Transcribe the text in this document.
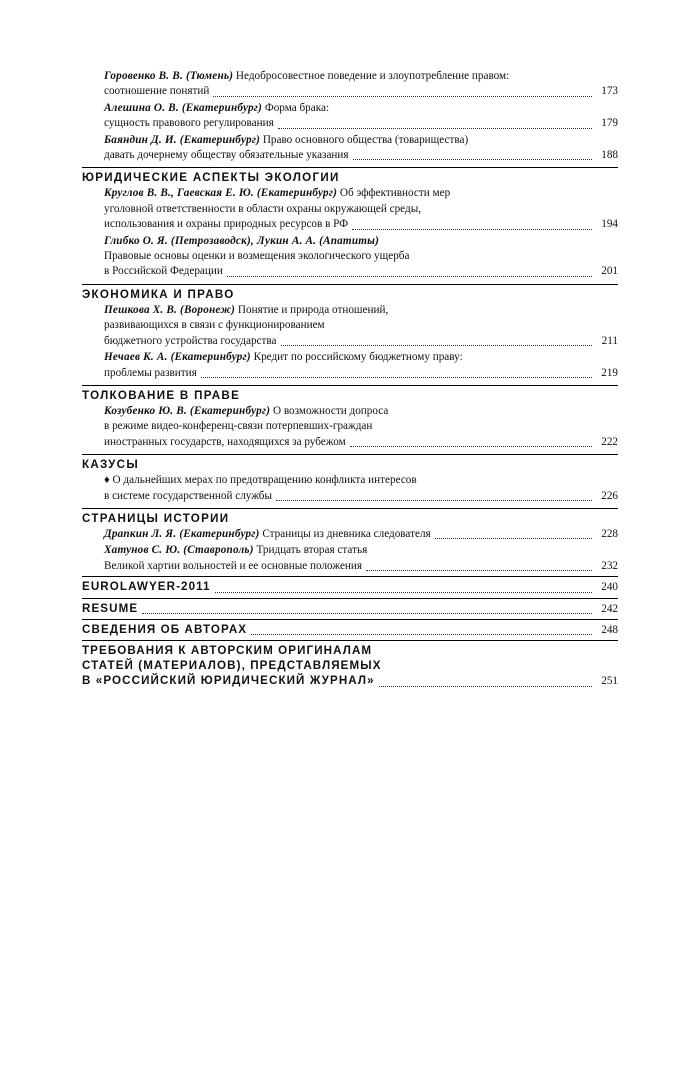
Горовенко В. В. (Тюмень) Недобросовестное поведение и злоупотребление правом:
соотношение понятий	173
Алешина О. В. (Екатеринбург) Форма брака:
сущность правового регулирования	179
Баяндин Д. И. (Екатеринбург) Право основного общества (товарищества)
давать дочернему обществу обязательные указания	188
ЮРИДИЧЕСКИЕ АСПЕКТЫ ЭКОЛОГИИ
Круглов В. В., Гаевская Е. Ю. (Екатеринбург) Об эффективности мер
уголовной ответственности в области охраны окружающей среды,
использования и охраны природных ресурсов в РФ	194
Глибко О. Я. (Петрозаводск), Лукин А. А. (Апатиты)
Правовые основы оценки и возмещения экологического ущерба
в Российской Федерации	201
ЭКОНОМИКА И ПРАВО
Пешкова Х. В. (Воронеж) Понятие и природа отношений,
развивающихся в связи с функционированием
бюджетного устройства государства	211
Нечаев К. А. (Екатеринбург) Кредит по российскому бюджетному праву:
проблемы развития	219
ТОЛКОВАНИЕ В ПРАВЕ
Козубенко Ю. В. (Екатеринбург) О возможности допроса
в режиме видео-конференц-связи потерпевших-граждан
иностранных государств, находящихся за рубежом	222
КАЗУСЫ
♦ О дальнейших мерах по предотвращению конфликта интересов
в системе государственной службы	226
СТРАНИЦЫ ИСТОРИИ
Драпкин Л. Я. (Екатеринбург) Страницы из дневника следователя	228
Хатунов С. Ю. (Ставрополь) Тридцать вторая статья
Великой хартии вольностей и ее основные положения	232
EUROLAWYER-2011	240
RESUME	242
СВЕДЕНИЯ ОБ АВТОРАХ	248
ТРЕБОВАНИЯ К АВТОРСКИМ ОРИГИНАЛАМ
СТАТЕЙ (МАТЕРИАЛОВ), ПРЕДСТАВЛЯЕМЫХ
В «РОССИЙСКИЙ ЮРИДИЧЕСКИЙ ЖУРНАЛ»	251
